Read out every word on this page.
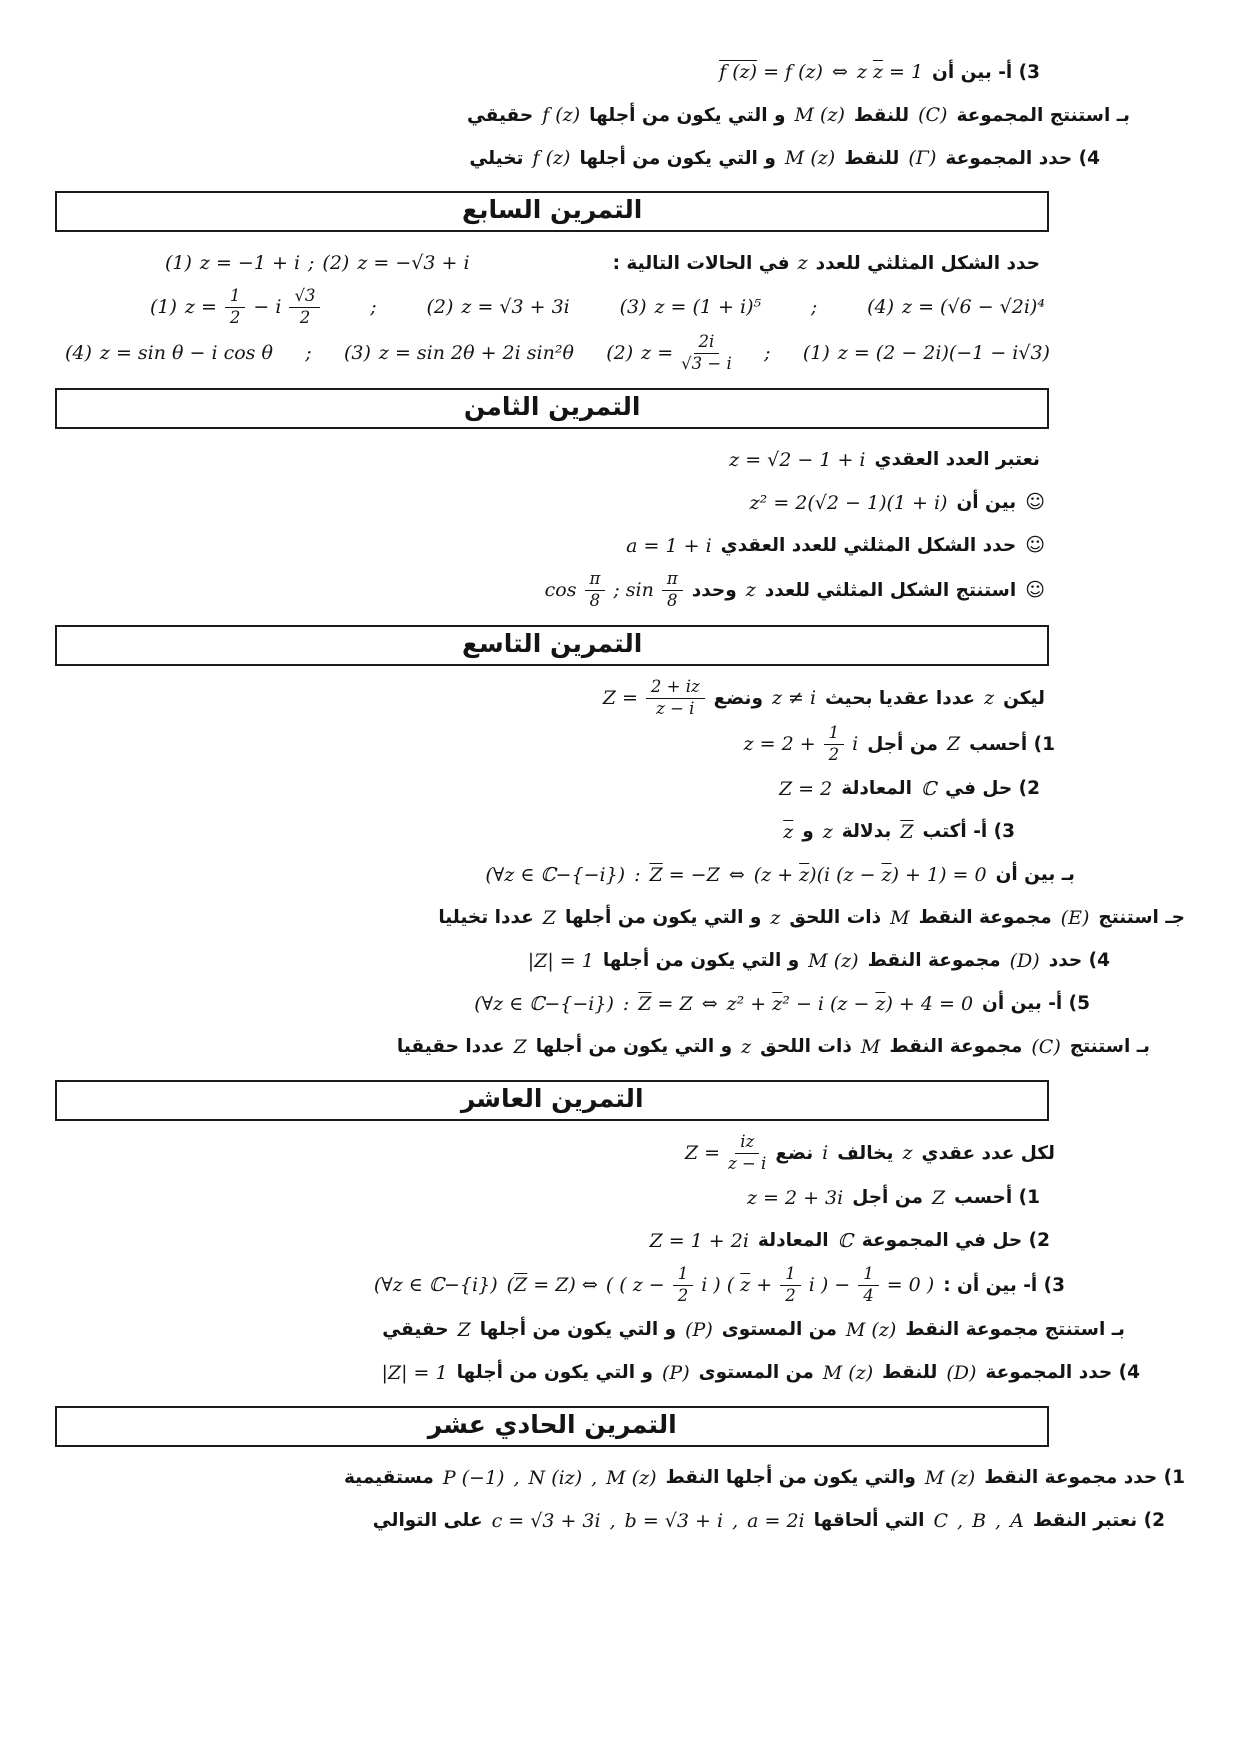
3) أ- بين أن
z $\overline{z} = 1$
⇔
f (z) = f (z)
بـ استنتج المجموعة
(C)
للنقط
M (z)
و التي يكون من أجلها
f (z)
حقيقي
4) حدد المجموعة
(Γ)
للنقط
M (z)
و التي يكون من أجلها
f (z)
تخيلي
التمرين السابع
(1) z = −1 + i ; (2) z = −√3 + i	حدد الشكل المثلثي للعدد
z
في الحالات التالية :
(1) $z = \frac{1}{2} - i \frac{√3}{2}$	;	(2) z = √3 + 3i	(3) z = (1 + i)⁵	;	(4) z = (√6 − √2i)⁴
(4) z = sin θ − i cos θ ; (3) z = sin 2θ + 2i sin²θ (2) $z = \frac{2i}{√3 - i}$ ; (1) z = (2 − 2i)(−1 − i√3)
التمرين الثامن
نعتبر العدد العقدي
z = √2 − 1 + i
☺
بين أن
z² = 2(√2 − 1)(1 + i)
☺
حدد الشكل المثلثي للعدد العقدي
a = 1 + i
☺
استنتج الشكل المثلثي للعدد
z
وحدد
$\cos \frac{\pi}{8}$ ; $\sin \frac{\pi}{8}$
التمرين التاسع
ليكن
z
عددا عقديا بحيث
z ≠ i
ونضع
$Z = \frac{2 + iz}{\overline{z} - i}$
1) أحسب
Z
من أجل
$z = 2 + \frac{1}{2}$ i
2) حل في
ℂ
المعادلة
Z = 2
3) أ- أكتب
$\overline{Z}$
بدلالة
z
و
$\overline{z}$
بـ بين أن
$(z + \overline{z})(i$ $(z - \overline{z}) + 1) = 0$
⇔
$\overline{Z} = -Z$
:
(∀z ∈ ℂ−{−i})
جـ استنتج
(E)
مجموعة النقط
M
ذات اللحق
z
و التي يكون من أجلها
Z
عددا تخيليا
4) حدد
(D)
مجموعة النقط
M (z)
و التي يكون من أجلها
|Z| = 1
5) أ- بين أن
$z^2 + \overline{z}^2 - i$ $(z - \overline{z}) + 4 = 0$
⇔
$\overline{Z} = Z$
:
(∀z ∈ ℂ−{−i})
بـ استنتج
(C)
مجموعة النقط
M
ذات اللحق
z
و التي يكون من أجلها
Z
عددا حقيقيا
التمرين العاشر
لكل عدد عقدي
z
يخالف
i
نضع
$Z = \frac{iz}{z - i}$
1) أحسب
Z
من أجل
z = 2 + 3i
2) حل في المجموعة
ℂ
المعادلة
Z = 1 + 2i
3) أ- بين أن :
$(\overline{Z} = Z)$ ⇔ ( ( $z - \frac{1}{2}$ i ) ( $\overline{z} + \frac{1}{2}$ i ) − $\frac{1}{4} = 0$ )
(∀z ∈ ℂ−{i})
بـ استنتج مجموعة النقط
M (z)
من المستوى
(P)
و التي يكون من أجلها
Z
حقيقي
4) حدد المجموعة
(D)
للنقط
M (z)
من المستوى
(P)
و التي يكون من أجلها
|Z| = 1
التمرين الحادي عشر
1) حدد مجموعة النقط
M (z)
والتي يكون من أجلها النقط
M (z)
,
N (iz)
,
P (−1)
مستقيمية
2) نعتبر النقط
A
,
B
,
C
التي ألحاقها
a = 2i
,
b = √3 + i
,
c = √3 + 3i
على التوالي
